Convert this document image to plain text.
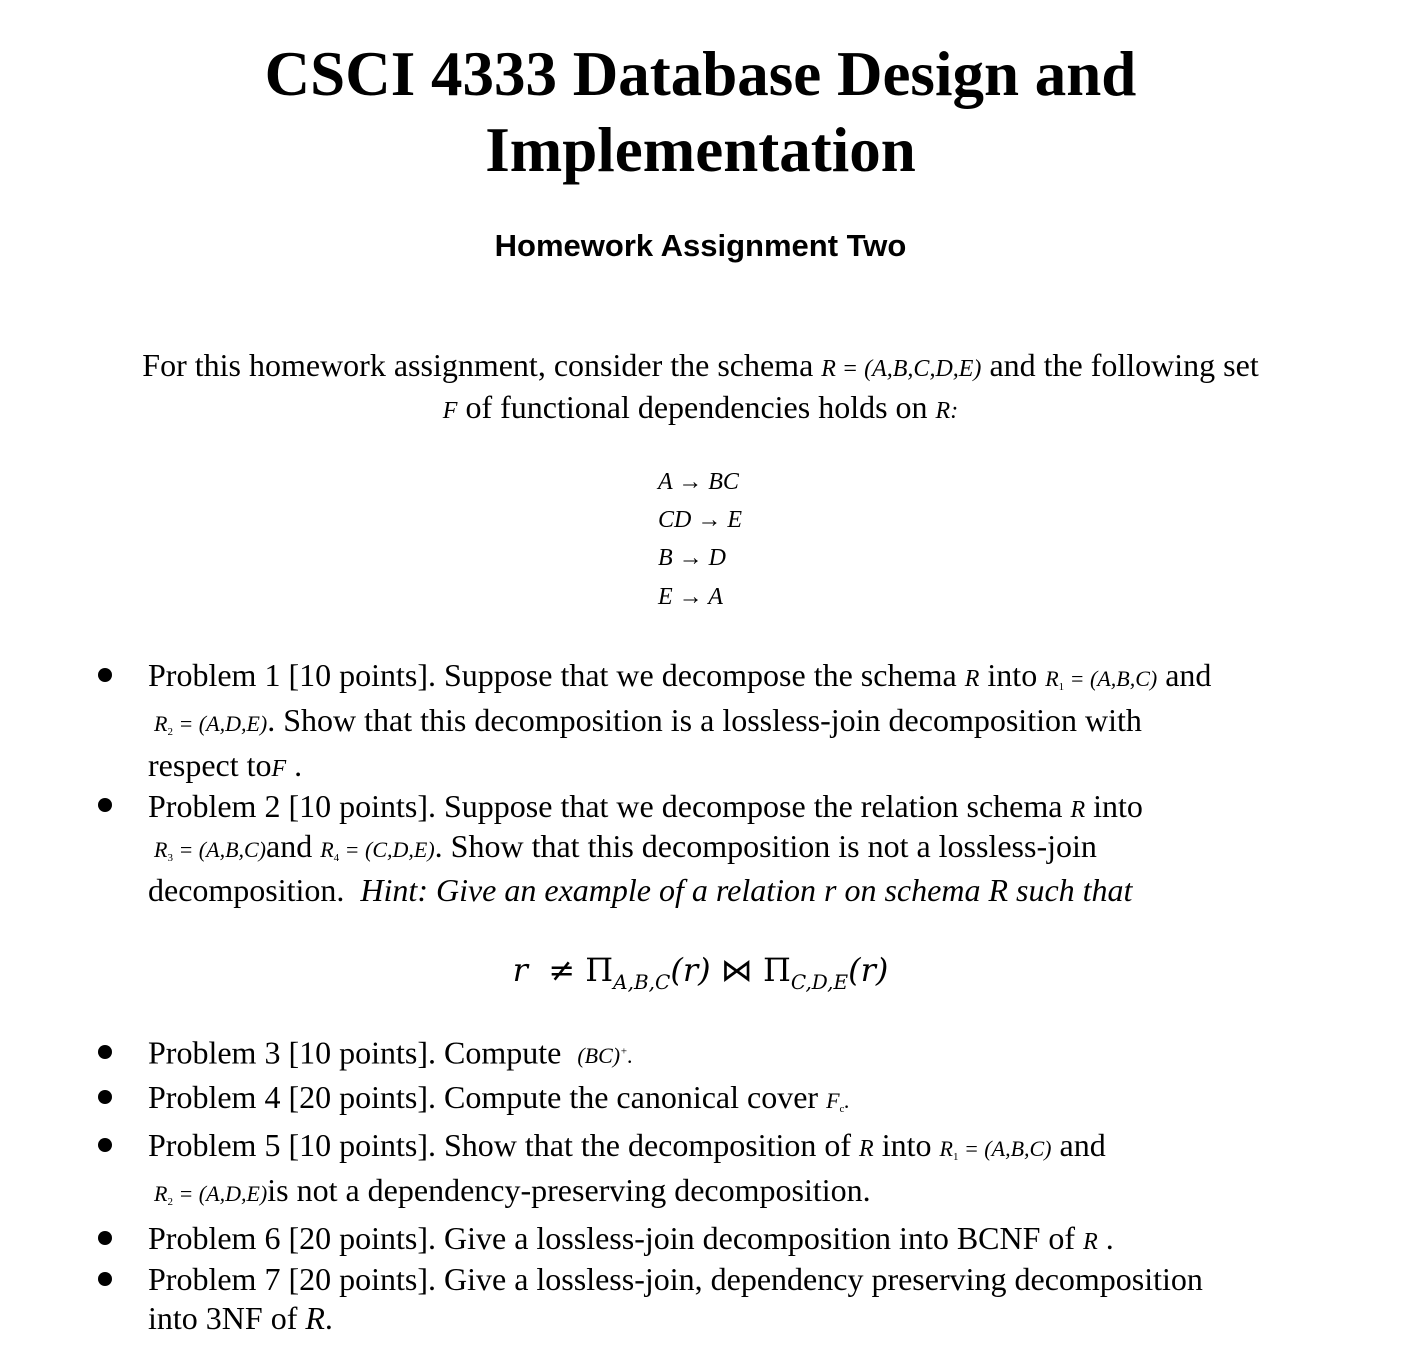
CSCI 4333 Database Design and
Implementation
Homework Assignment Two
For this homework assignment, consider the schema R = (A,B,C,D,E) and the following set
F of functional dependencies holds on R:
A → BC
CD → E
B → D
E → A
Problem 1 [10 points]. Suppose that we decompose the schema R into $R_1 = (A,B,C)$ and
$R_2 = (A,D,E)$. Show that this decomposition is a lossless-join decomposition with
respect toF .
Problem 2 [10 points]. Suppose that we decompose the relation schema R into
$R_3 = (A,B,C)and$ $R_4 = (C,D,E)$. Show that this decomposition is not a lossless-join
decomposition. Hint: Give an example of a relation r on schema R such that
$r \ne \Pi_{A,B,C}(r)$ ⋈ $\Pi_{C,D,E}(r)$
Problem 3 [10 points]. Compute (BC)+.
Problem 4 [20 points]. Compute the canonical cover $F_c$.
Problem 5 [10 points]. Show that the decomposition of R into $R_1 = (A,B,C)$ and
$R_2 = (A,D,E)is$ not a dependency-preserving decomposition.
Problem 6 [20 points]. Give a lossless-join decomposition into BCNF of R .
Problem 7 [20 points]. Give a lossless-join, dependency preserving decomposition
into 3NF of R.
